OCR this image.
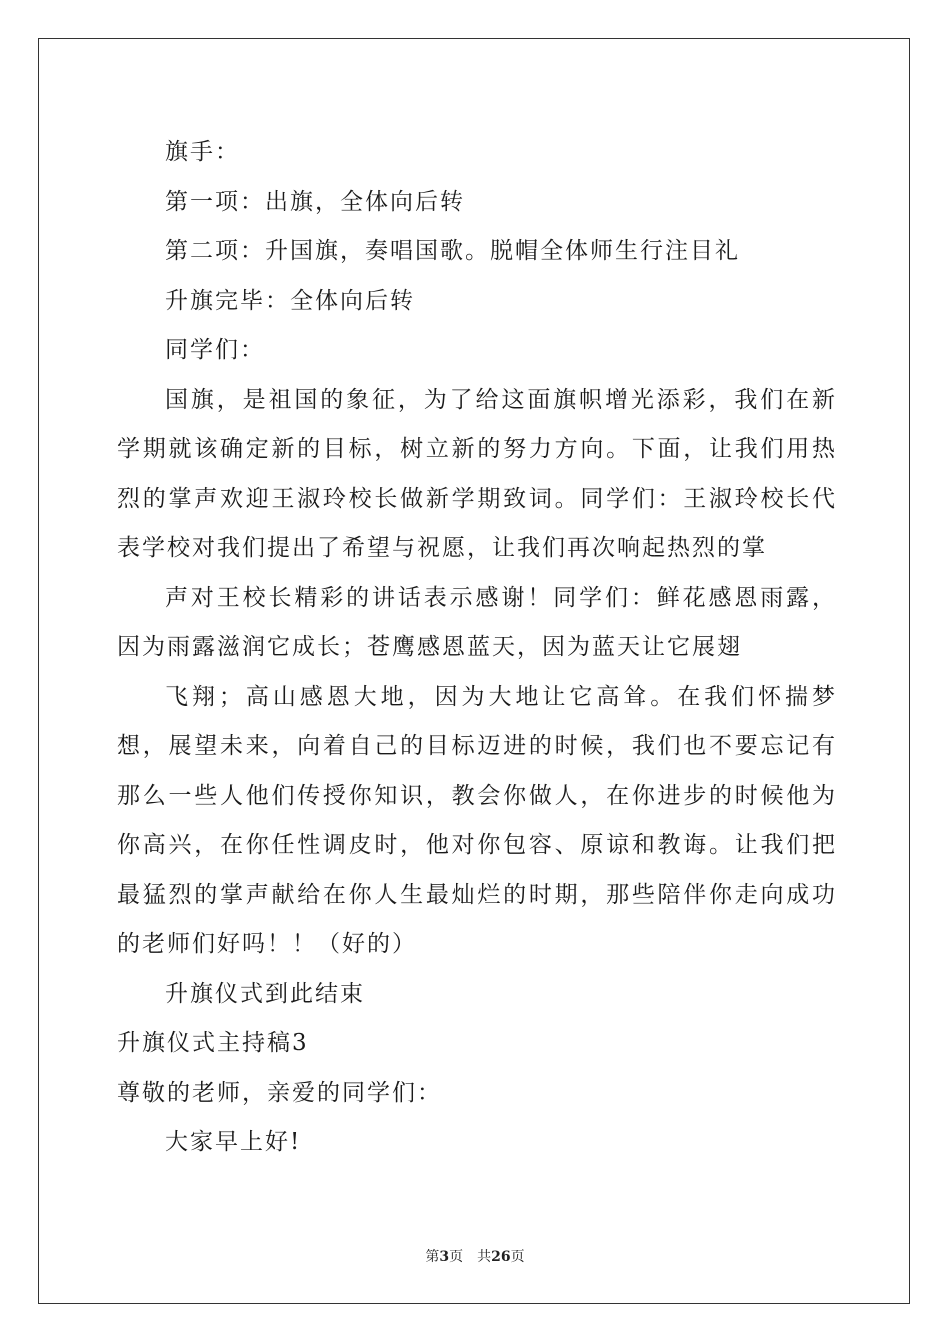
旗手：

第一项：出旗，全体向后转

第二项：升国旗，奏唱国歌。脱帽全体师生行注目礼

升旗完毕：全体向后转

同学们：

国旗，是祖国的象征，为了给这面旗帜增光添彩，我们在新学期就该确定新的目标，树立新的努力方向。下面，让我们用热烈的掌声欢迎王淑玲校长做新学期致词。同学们：王淑玲校长代表学校对我们提出了希望与祝愿，让我们再次响起热烈的掌

声对王校长精彩的讲话表示感谢！同学们：鲜花感恩雨露，因为雨露滋润它成长；苍鹰感恩蓝天，因为蓝天让它展翅

飞翔；高山感恩大地，因为大地让它高耸。在我们怀揣梦想，展望未来，向着自己的目标迈进的时候，我们也不要忘记有那么一些人他们传授你知识，教会你做人，在你进步的时候他为你高兴，在你任性调皮时，他对你包容、原谅和教诲。让我们把最猛烈的掌声献给在你人生最灿烂的时期，那些陪伴你走向成功的老师们好吗！！（好的）

升旗仪式到此结束

升旗仪式主持稿3

尊敬的老师，亲爱的同学们：

大家早上好!

第3页 共26页
